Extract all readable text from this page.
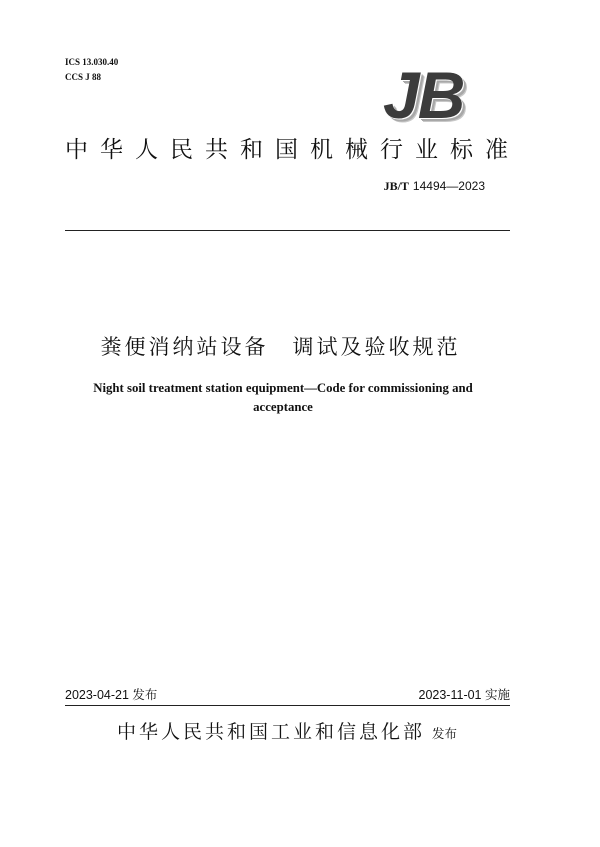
ICS 13.030.40
CCS J 88	JB
中华人民共和国机械行业标准
JB/T 14494—2023
粪便消纳站设备　调试及验收规范
Night soil treatment station equipment—Code for commissioning and
acceptance
2023-04-21 发布	2023-11-01 实施
中华人民共和国工业和信息化部 发布
